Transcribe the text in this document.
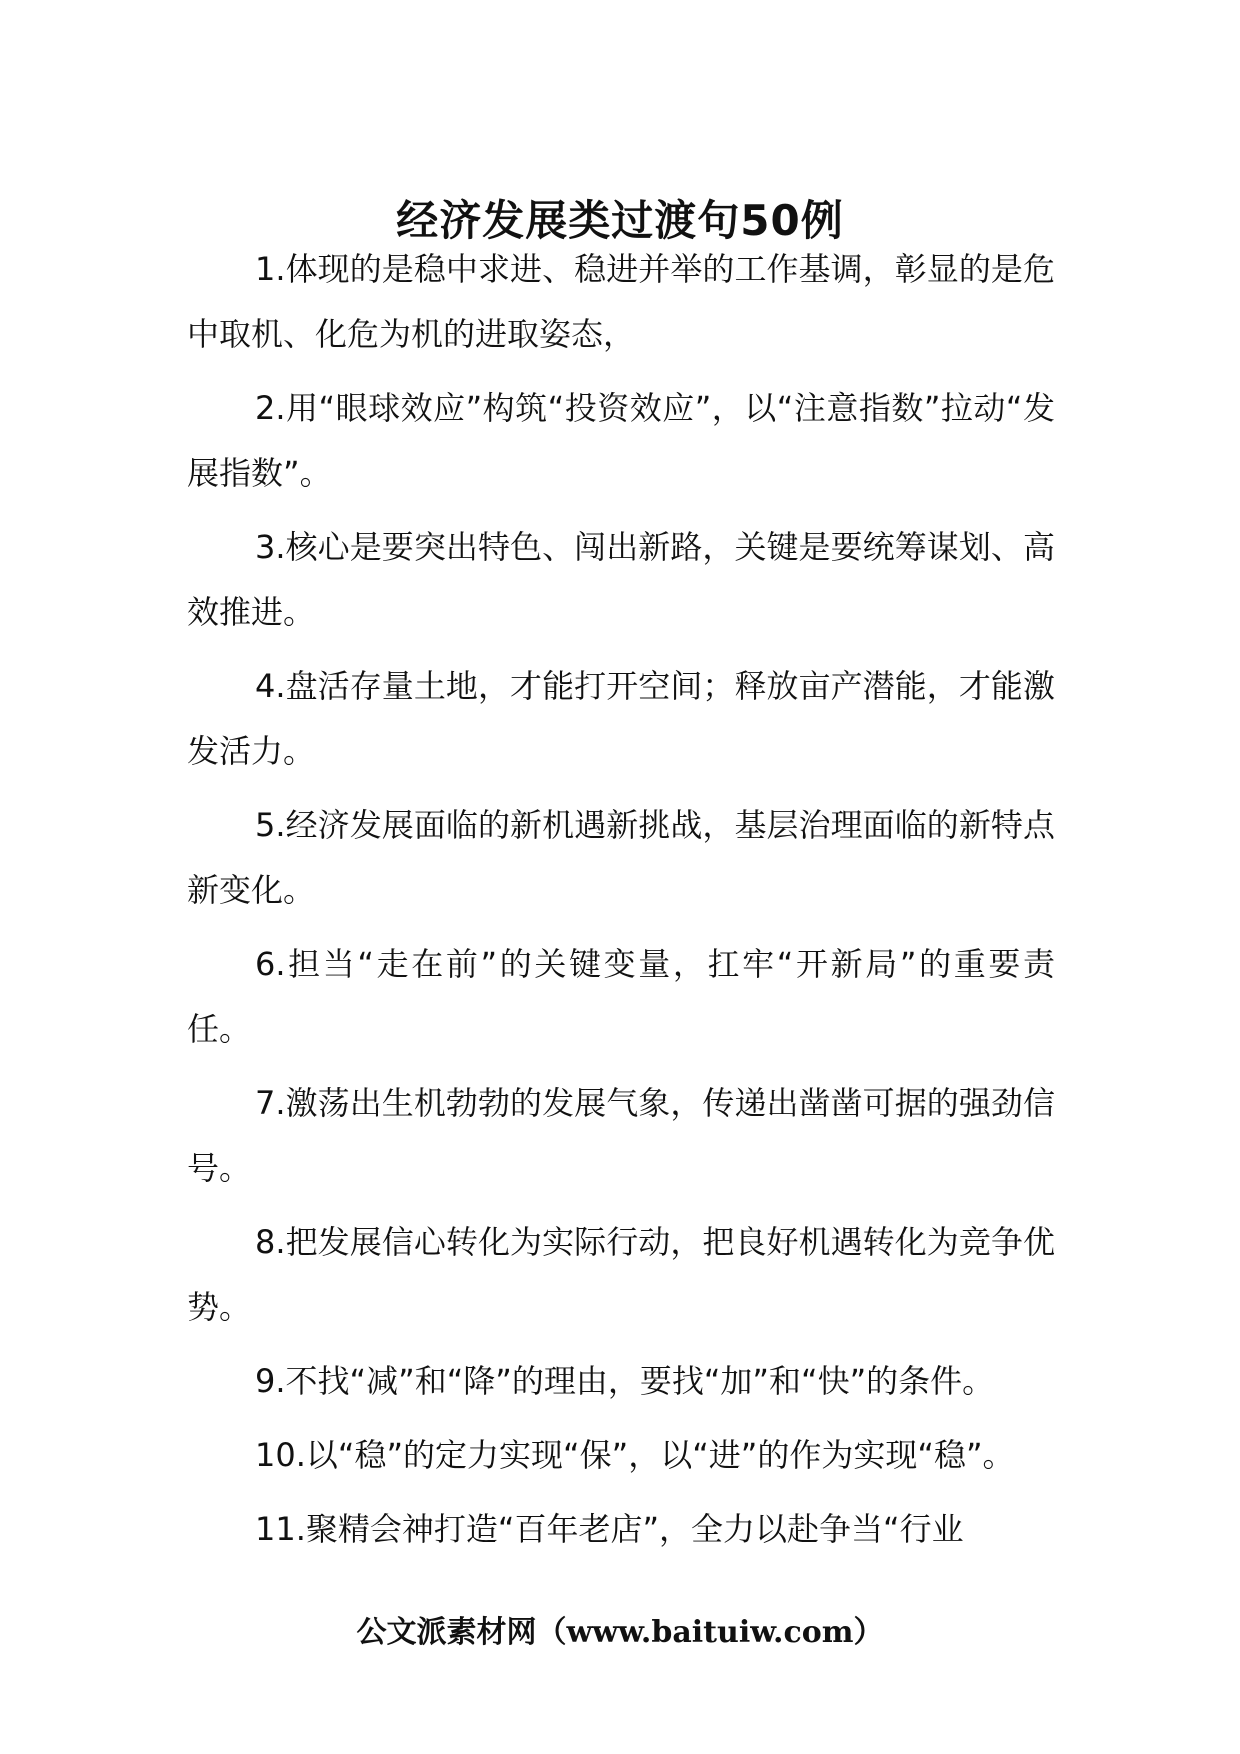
经济发展类过渡句50例

1.体现的是稳中求进、稳进并举的工作基调，彰显的是危中取机、化危为机的进取姿态，

2.用“眼球效应”构筑“投资效应”，以“注意指数”拉动“发展指数”。

3.核心是要突出特色、闯出新路，关键是要统筹谋划、高效推进。

4.盘活存量土地，才能打开空间；释放亩产潜能，才能激发活力。

5.经济发展面临的新机遇新挑战，基层治理面临的新特点新变化。

6.担当“走在前”的关键变量，扛牢“开新局”的重要责任。

7.激荡出生机勃勃的发展气象，传递出凿凿可据的强劲信号。

8.把发展信心转化为实际行动，把良好机遇转化为竞争优势。

9.不找“减”和“降”的理由，要找“加”和“快”的条件。

10.以“稳”的定力实现“保”，以“进”的作为实现“稳”。

11.聚精会神打造“百年老店”，全力以赴争当“行业

公文派素材网（www.baituiw.com）
